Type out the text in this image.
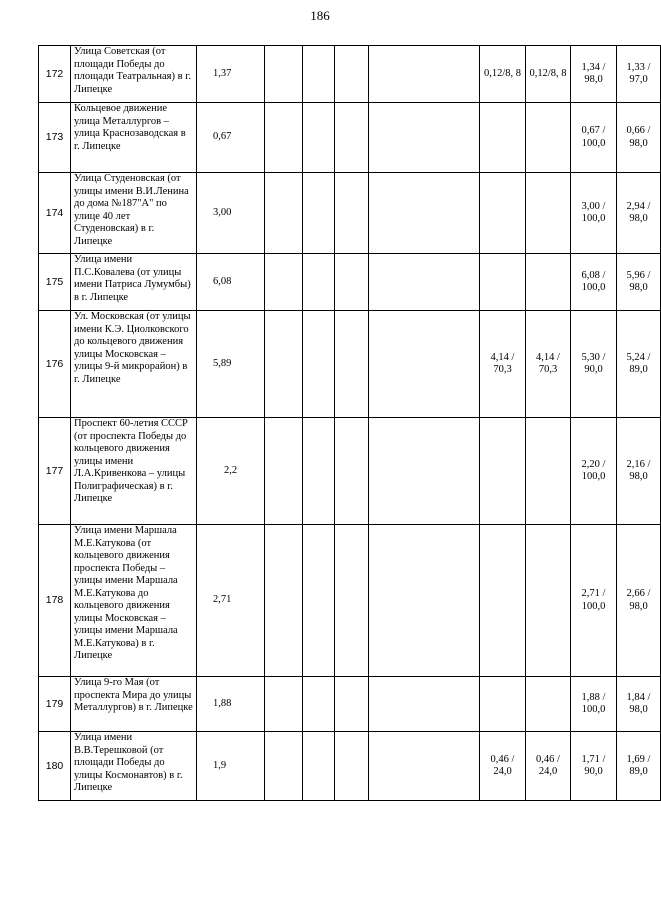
186
172	Улица Советская (от площади Победы до площади Театральная) в г. Липецке	1,37					0,12/8, 8	0,12/8, 8	1,34 / 98,0	1,33 / 97,0
173	Кольцевое движение улица Металлургов – улица Краснозаводская в г. Липецке	0,67							0,67 / 100,0	0,66 / 98,0
174	Улица Студеновская (от улицы имени В.И.Ленина до дома №187"А" по улице 40 лет Студеновская) в г. Липецке	3,00							3,00 / 100,0	2,94 / 98,0
175	Улица имени П.С.Ковалева (от улицы имени Патриса Лумумбы) в г. Липецке	6,08							6,08 / 100,0	5,96 / 98,0
176	Ул. Московская (от улицы имени К.Э. Циолковского до кольцевого движения улицы Московская – улицы 9-й микрорайон) в г. Липецке	5,89					4,14 / 70,3	4,14 / 70,3	5,30 / 90,0	5,24 / 89,0
177	Проспект 60-летия СССР (от проспекта Победы до кольцевого движения улицы имени Л.А.Кривенкова – улицы Полиграфическая) в г. Липецке	2,2							2,20 / 100,0	2,16 / 98,0
178	Улица имени Маршала М.Е.Катукова (от кольцевого движения проспекта Победы – улицы имени Маршала М.Е.Катукова до кольцевого движения улицы Московская – улицы имени Маршала М.Е.Катукова) в г. Липецке	2,71							2,71 / 100,0	2,66 / 98,0
179	Улица 9-го Мая (от проспекта Мира до улицы Металлургов) в г. Липецке	1,88							1,88 / 100,0	1,84 / 98,0
180	Улица имени В.В.Терешковой (от площади Победы до улицы Космонавтов) в г. Липецке	1,9					0,46 / 24,0	0,46 / 24,0	1,71 / 90,0	1,69 / 89,0
